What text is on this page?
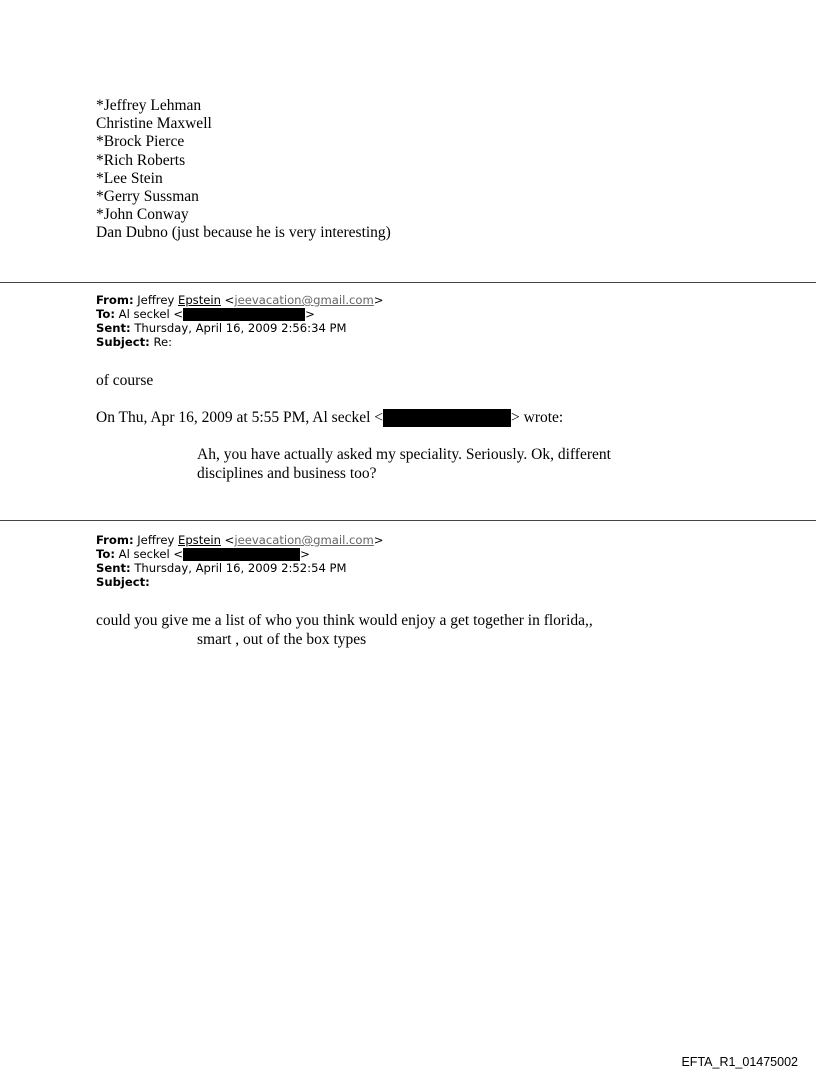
*Jeffrey Lehman
Christine Maxwell
*Brock Pierce
*Rich Roberts
*Lee Stein
*Gerry Sussman
*John Conway
Dan Dubno (just because he is very interesting)
From: Jeffrey Epstein <jeevacation@gmail.com>
To: Al seckel <	>
Sent: Thursday, April 16, 2009 2:56:34 PM
Subject: Re:
of course
On Thu, Apr 16, 2009 at 5:55 PM, Al seckel <	> wrote:
Ah, you have actually asked my speciality. Seriously. Ok, different
disciplines and business too?
From: Jeffrey Epstein <jeevacation@gmail.com>
To: Al seckel <	>
Sent: Thursday, April 16, 2009 2:52:54 PM
Subject:
could you give me a list of who you think would enjoy a get together in florida,,
smart , out of the box types
EFTA_R1_01475002
